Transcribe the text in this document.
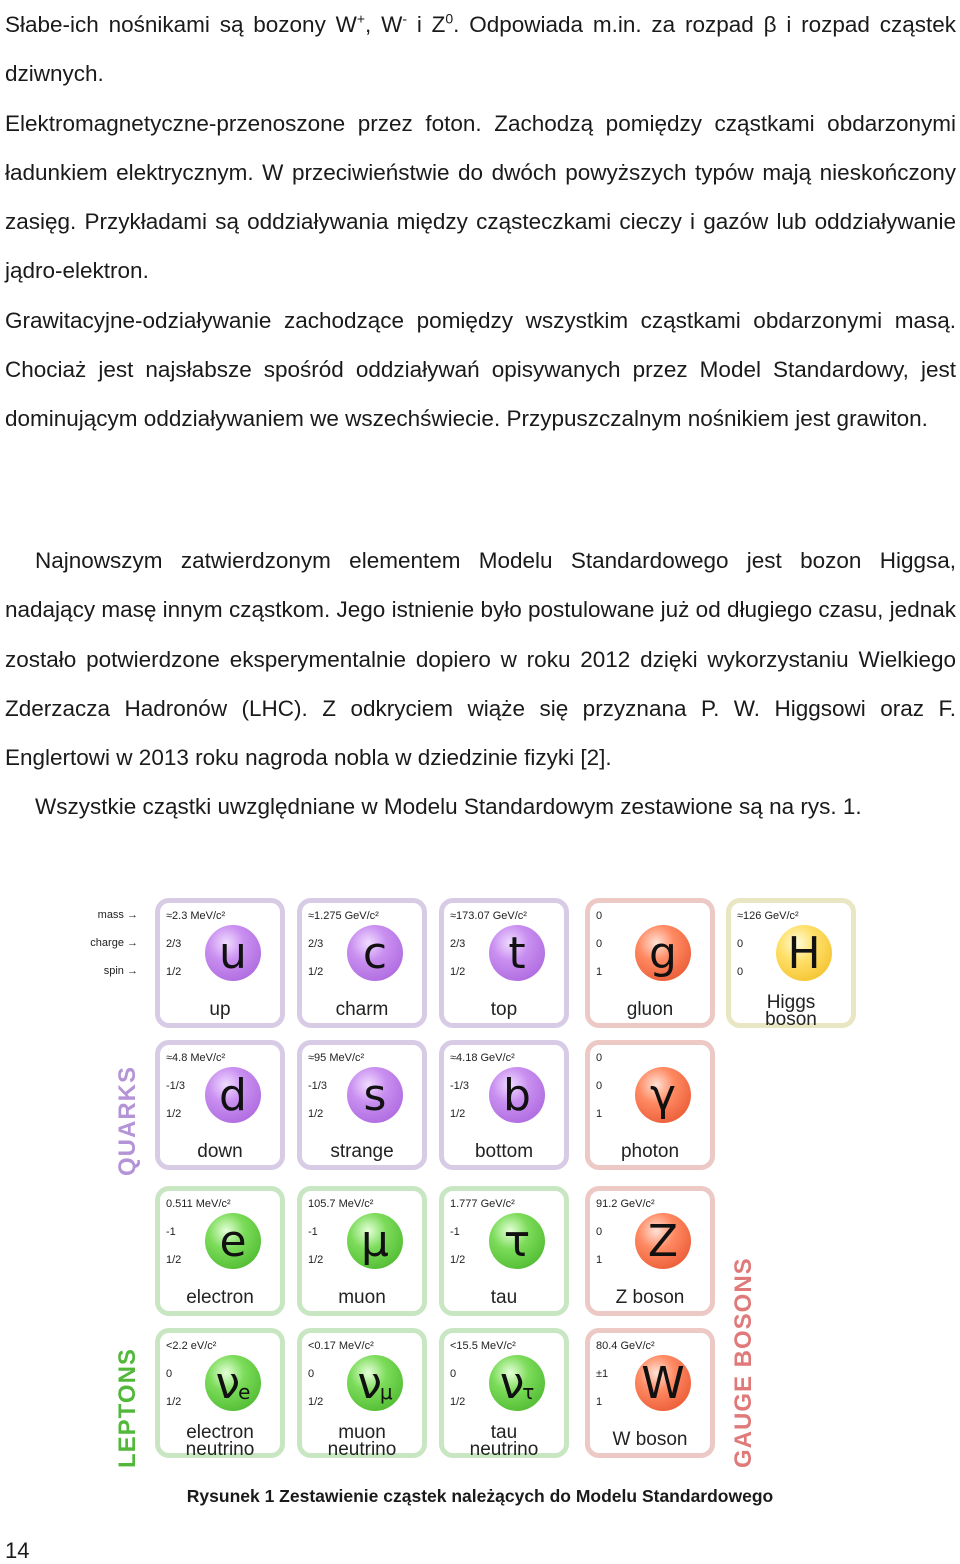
Słabe-ich nośnikami są bozony W+, W- i $Z^0$. Odpowiada m.in. za rozpad β i rozpad cząstek dziwnych.

Elektromagnetyczne-przenoszone przez foton. Zachodzą pomiędzy cząstkami obdarzonymi ładunkiem elektrycznym. W przeciwieństwie do dwóch powyższych typów mają nieskończony zasięg. Przykładami są oddziaływania między cząsteczkami cieczy i gazów lub oddziaływanie jądro-elektron.

Grawitacyjne-odziaływanie zachodzące pomiędzy wszystkim cząstkami obdarzonymi masą. Chociaż jest najsłabsze spośród oddziaływań opisywanych przez Model Standardowy, jest dominującym oddziaływaniem we wszechświecie. Przypuszczalnym nośnikiem jest grawiton.

Najnowszym zatwierdzonym elementem Modelu Standardowego jest bozon Higgsa, nadający masę innym cząstkom. Jego istnienie było postulowane już od długiego czasu, jednak zostało potwierdzone eksperymentalnie dopiero w roku 2012 dzięki wykorzystaniu Wielkiego Zderzacza Hadronów (LHC). Z odkryciem wiąże się przyznana P. W. Higgsowi oraz F. Englertowi w 2013 roku nagroda nobla w dziedzinie fizyki [2].

Wszystkie cząstki uwzględniane w Modelu Standardowym zestawione są na rys. 1.

mass →
charge →
spin →
QUARKS
LEPTONS	GAUGE BOSONS
≈2.3 MeV/c²
2/3
1/2 u
up
≈1.275 GeV/c²
2/3
1/2 c
charm
≈173.07 GeV/c²
2/3
1/2 t
top
0
0
1 g
gluon
≈126 GeV/c²
0
0 H
Higgs
boson
≈4.8 MeV/c²
-1/3
1/2 d
down
≈95 MeV/c²
-1/3
1/2 s
strange
≈4.18 GeV/c²
-1/3
1/2 b
bottom
0
0
1 γ
photon
0.511 MeV/c²
-1
1/2 e
electron
105.7 MeV/c²
-1
1/2 μ
muon
1.777 GeV/c²
-1
1/2 τ
tau
91.2 GeV/c²
0
1 Z
Z boson
<2.2 eV/c²
0
1/2 ν
e
electron
neutrino
<0.17 MeV/c²
0
1/2 ν
μ
muon
neutrino
<15.5 MeV/c²
0
1/2 ν
τ
tau
neutrino
80.4 GeV/c²
±1
1 W
W boson
Rysunek 1 Zestawienie cząstek należących do Modelu Standardowego
14
